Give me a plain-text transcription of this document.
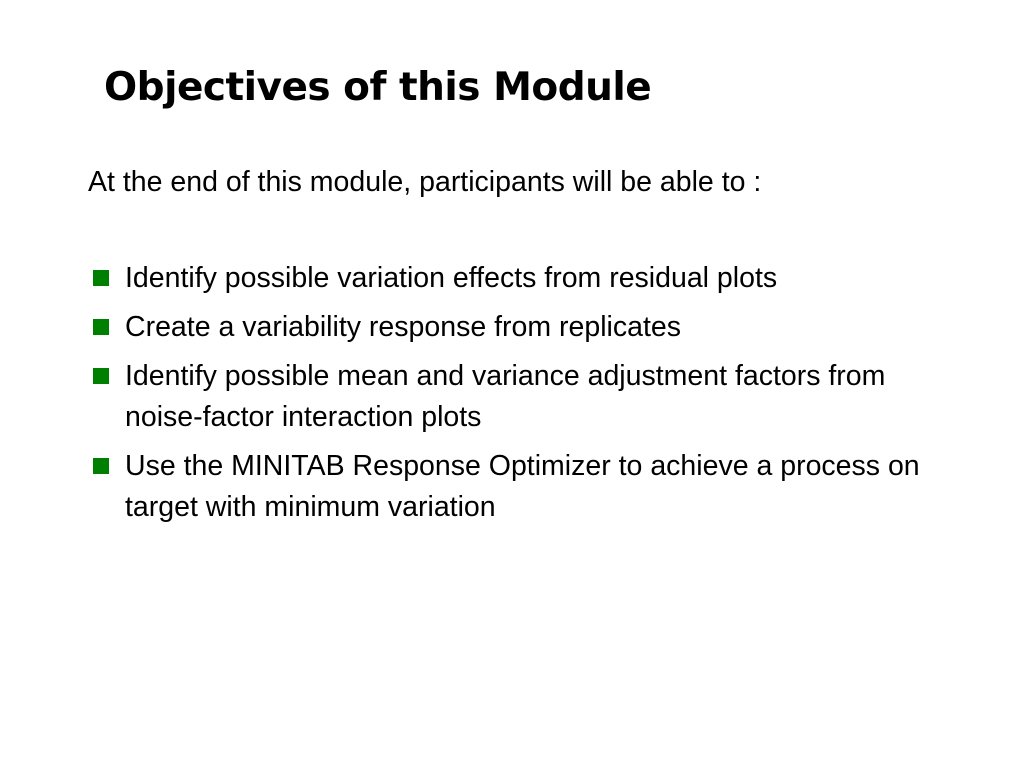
Objectives of this Module

At the end of this module, participants will be able to :

Identify possible variation effects from residual plots
Create a variability response from replicates
Identify possible mean and variance adjustment factors from noise-factor interaction plots
Use the MINITAB Response Optimizer to achieve a process on target with minimum variation
